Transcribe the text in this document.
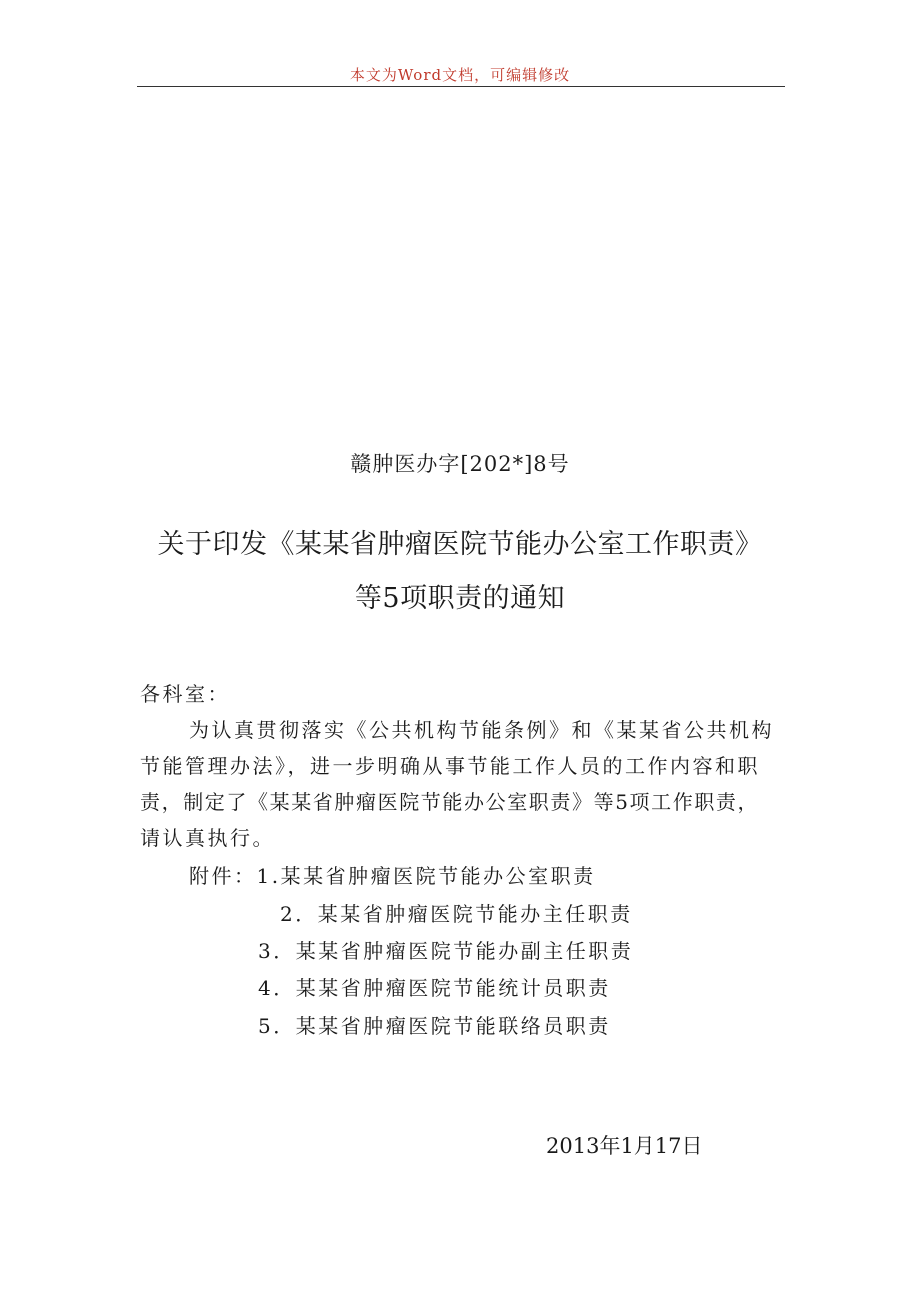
本文为Word文档，可编辑修改
赣肿医办字[202*]8号
关于印发《某某省肿瘤医院节能办公室工作职责》
等5项职责的通知
各科室：
为认真贯彻落实《公共机构节能条例》和《某某省公共机构
节能管理办法》，进一步明确从事节能工作人员的工作内容和职
责，制定了《某某省肿瘤医院节能办公室职责》等5项工作职责，
请认真执行。
附件：1.某某省肿瘤医院节能办公室职责
2．某某省肿瘤医院节能办主任职责
3．某某省肿瘤医院节能办副主任职责
4．某某省肿瘤医院节能统计员职责
5．某某省肿瘤医院节能联络员职责
2013年1月17日
